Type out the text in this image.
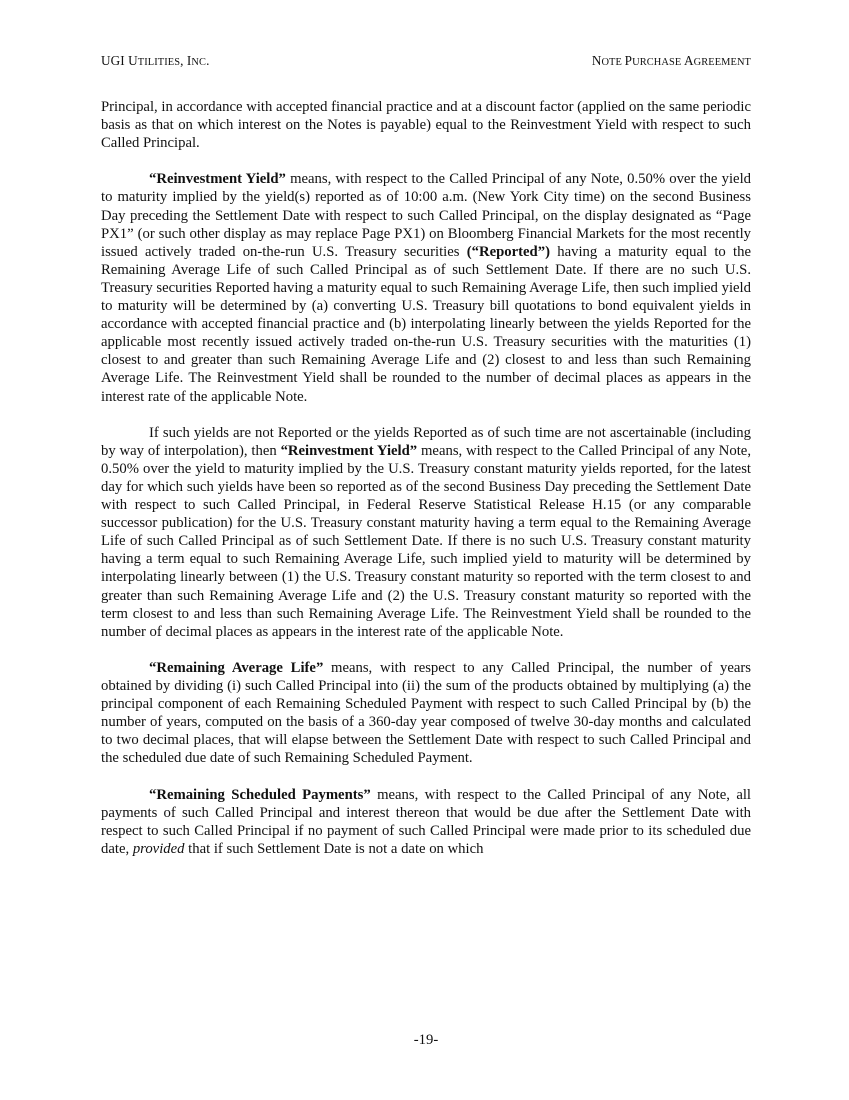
UGI UTILITIES, INC.	NOTE PURCHASE AGREEMENT

Principal, in accordance with accepted financial practice and at a discount factor (applied on the same periodic basis as that on which interest on the Notes is payable) equal to the Reinvestment Yield with respect to such Called Principal.

“Reinvestment Yield” means, with respect to the Called Principal of any Note, 0.50% over the yield to maturity implied by the yield(s) reported as of 10:00 a.m. (New York City time) on the second Business Day preceding the Settlement Date with respect to such Called Principal, on the display designated as “Page PX1” (or such other display as may replace Page PX1) on Bloomberg Financial Markets for the most recently issued actively traded on-the-run U.S. Treasury securities (“Reported”) having a maturity equal to the Remaining Average Life of such Called Principal as of such Settlement Date. If there are no such U.S. Treasury securities Reported having a maturity equal to such Remaining Average Life, then such implied yield to maturity will be determined by (a) converting U.S. Treasury bill quotations to bond equivalent yields in accordance with accepted financial practice and (b) interpolating linearly between the yields Reported for the applicable most recently issued actively traded on-the-run U.S. Treasury securities with the maturities (1) closest to and greater than such Remaining Average Life and (2) closest to and less than such Remaining Average Life. The Reinvestment Yield shall be rounded to the number of decimal places as appears in the interest rate of the applicable Note.

If such yields are not Reported or the yields Reported as of such time are not ascertainable (including by way of interpolation), then “Reinvestment Yield” means, with respect to the Called Principal of any Note, 0.50% over the yield to maturity implied by the U.S. Treasury constant maturity yields reported, for the latest day for which such yields have been so reported as of the second Business Day preceding the Settlement Date with respect to such Called Principal, in Federal Reserve Statistical Release H.15 (or any comparable successor publication) for the U.S. Treasury constant maturity having a term equal to the Remaining Average Life of such Called Principal as of such Settlement Date. If there is no such U.S. Treasury constant maturity having a term equal to such Remaining Average Life, such implied yield to maturity will be determined by interpolating linearly between (1) the U.S. Treasury constant maturity so reported with the term closest to and greater than such Remaining Average Life and (2) the U.S. Treasury constant maturity so reported with the term closest to and less than such Remaining Average Life. The Reinvestment Yield shall be rounded to the number of decimal places as appears in the interest rate of the applicable Note.

“Remaining Average Life” means, with respect to any Called Principal, the number of years obtained by dividing (i) such Called Principal into (ii) the sum of the products obtained by multiplying (a) the principal component of each Remaining Scheduled Payment with respect to such Called Principal by (b) the number of years, computed on the basis of a 360-day year composed of twelve 30-day months and calculated to two decimal places, that will elapse between the Settlement Date with respect to such Called Principal and the scheduled due date of such Remaining Scheduled Payment.

“Remaining Scheduled Payments” means, with respect to the Called Principal of any Note, all payments of such Called Principal and interest thereon that would be due after the Settlement Date with respect to such Called Principal if no payment of such Called Principal were made prior to its scheduled due date, provided that if such Settlement Date is not a date on which

-19-
